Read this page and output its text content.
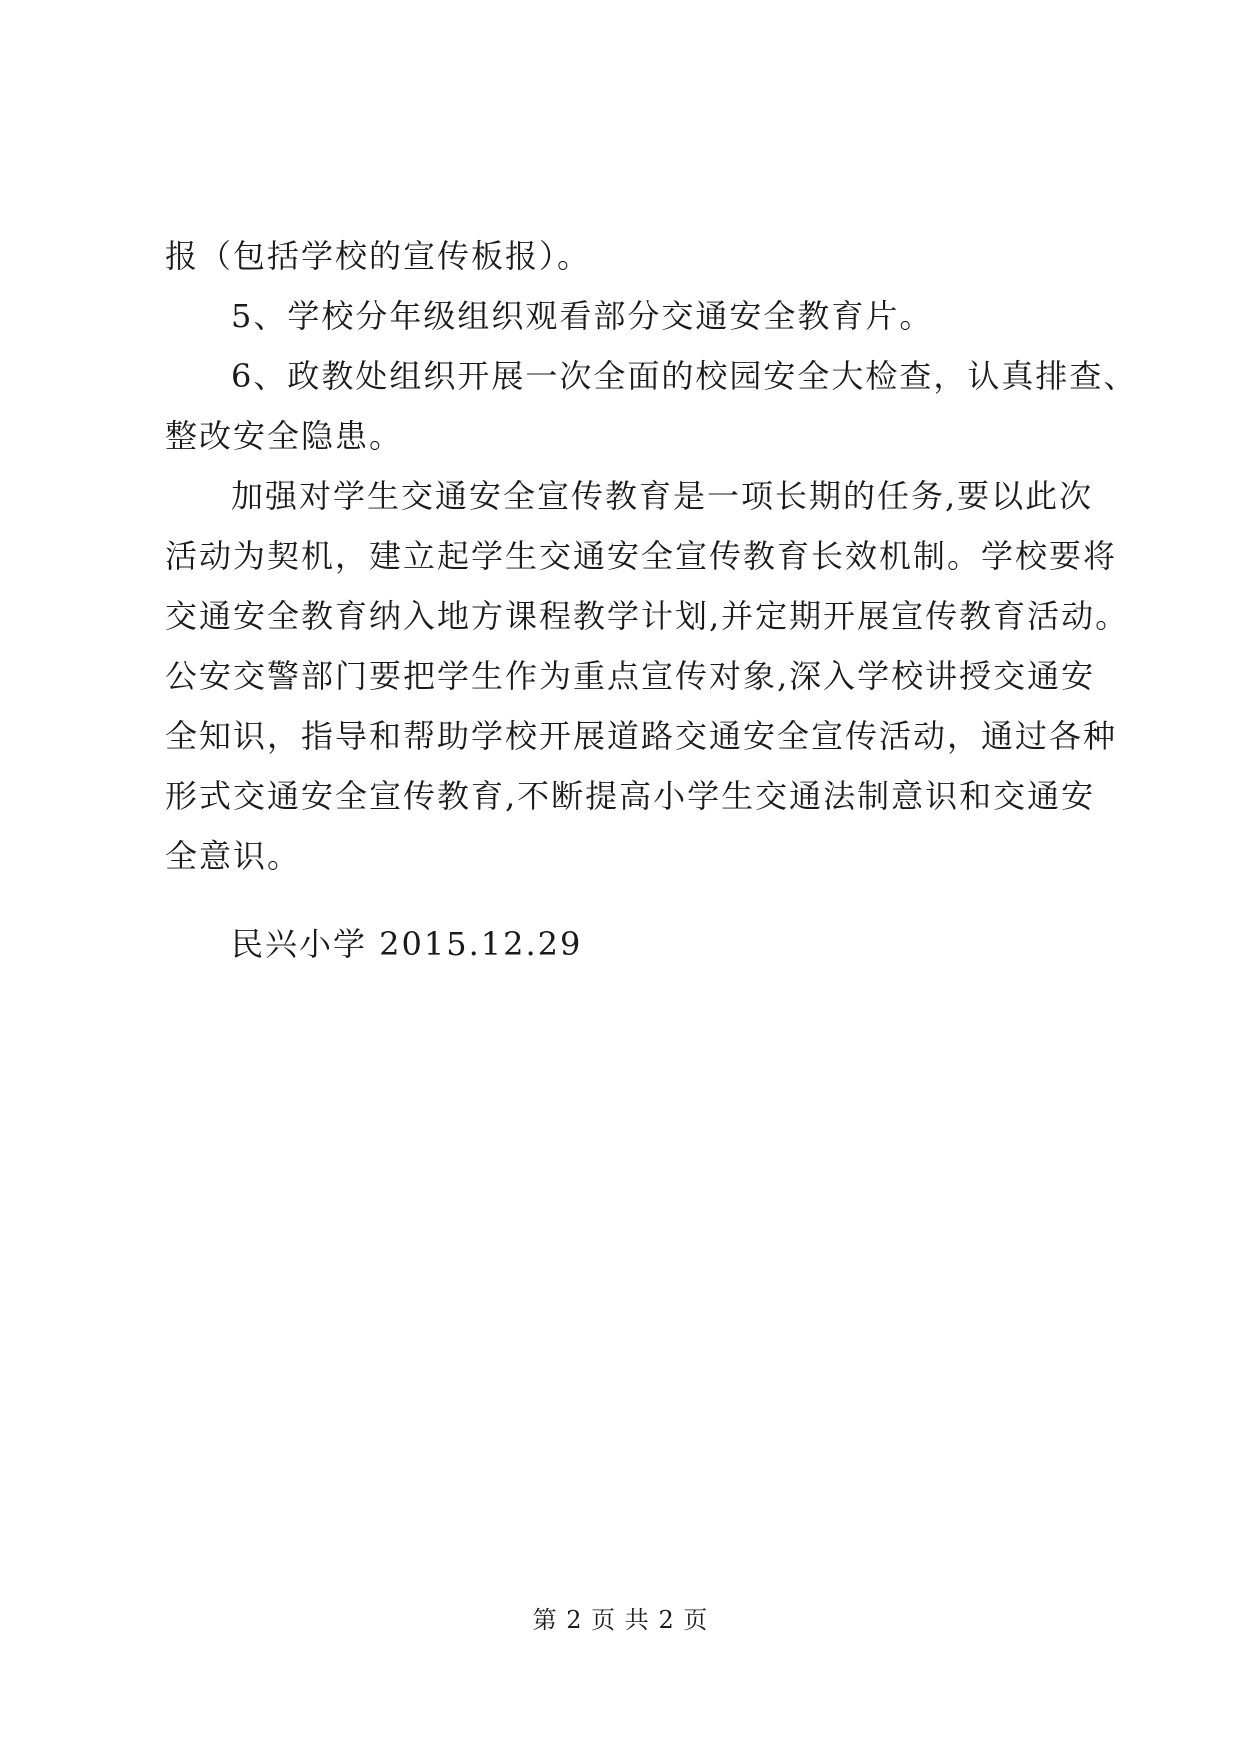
报（包括学校的宣传板报）。
5、学校分年级组织观看部分交通安全教育片。
6、政教处组织开展一次全面的校园安全大检查，认真排查、
整改安全隐患。
加强对学生交通安全宣传教育是一项长期的任务,要以此次
活动为契机，建立起学生交通安全宣传教育长效机制。学校要将
交通安全教育纳入地方课程教学计划,并定期开展宣传教育活动。
公安交警部门要把学生作为重点宣传对象,深入学校讲授交通安
全知识，指导和帮助学校开展道路交通安全宣传活动，通过各种
形式交通安全宣传教育,不断提高小学生交通法制意识和交通安
全意识。
民兴小学 2015.12.29
第 2 页 共 2 页
